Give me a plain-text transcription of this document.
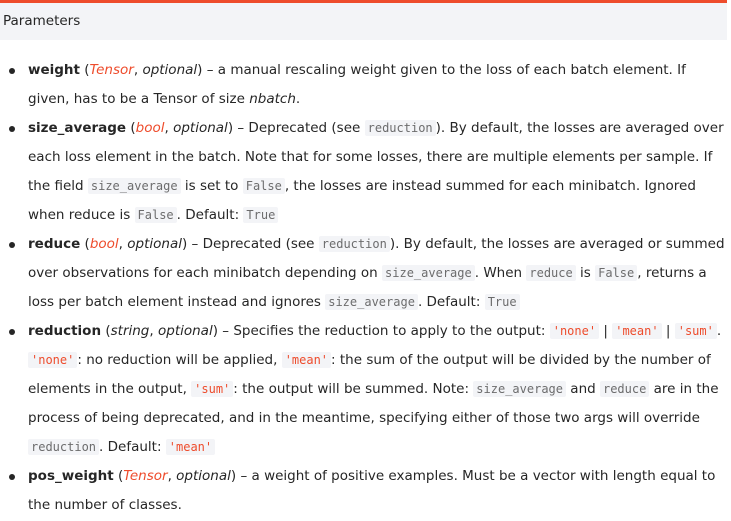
Parameters
weight (Tensor, optional) – a manual rescaling weight given to the loss of each batch element. If given, has to be a Tensor of size nbatch.
size_average (bool, optional) – Deprecated (see reduction ). By default, the losses are averaged over each loss element in the batch. Note that for some losses, there are multiple elements per sample. If the field size_average is set to False , the losses are instead summed for each minibatch. Ignored when reduce is False . Default: True
reduce (bool, optional) – Deprecated (see reduction ). By default, the losses are averaged or summed over observations for each minibatch depending on size_average . When reduce is False , returns a loss per batch element instead and ignores size_average . Default: True
reduction (string, optional) – Specifies the reduction to apply to the output: 'none' | 'mean' | 'sum' . 'none' : no reduction will be applied, 'mean' : the sum of the output will be divided by the number of elements in the output, 'sum' : the output will be summed. Note: size_average and reduce are in the process of being deprecated, and in the meantime, specifying either of those two args will override reduction . Default: 'mean'
pos_weight (Tensor, optional) – a weight of positive examples. Must be a vector with length equal to the number of classes.
